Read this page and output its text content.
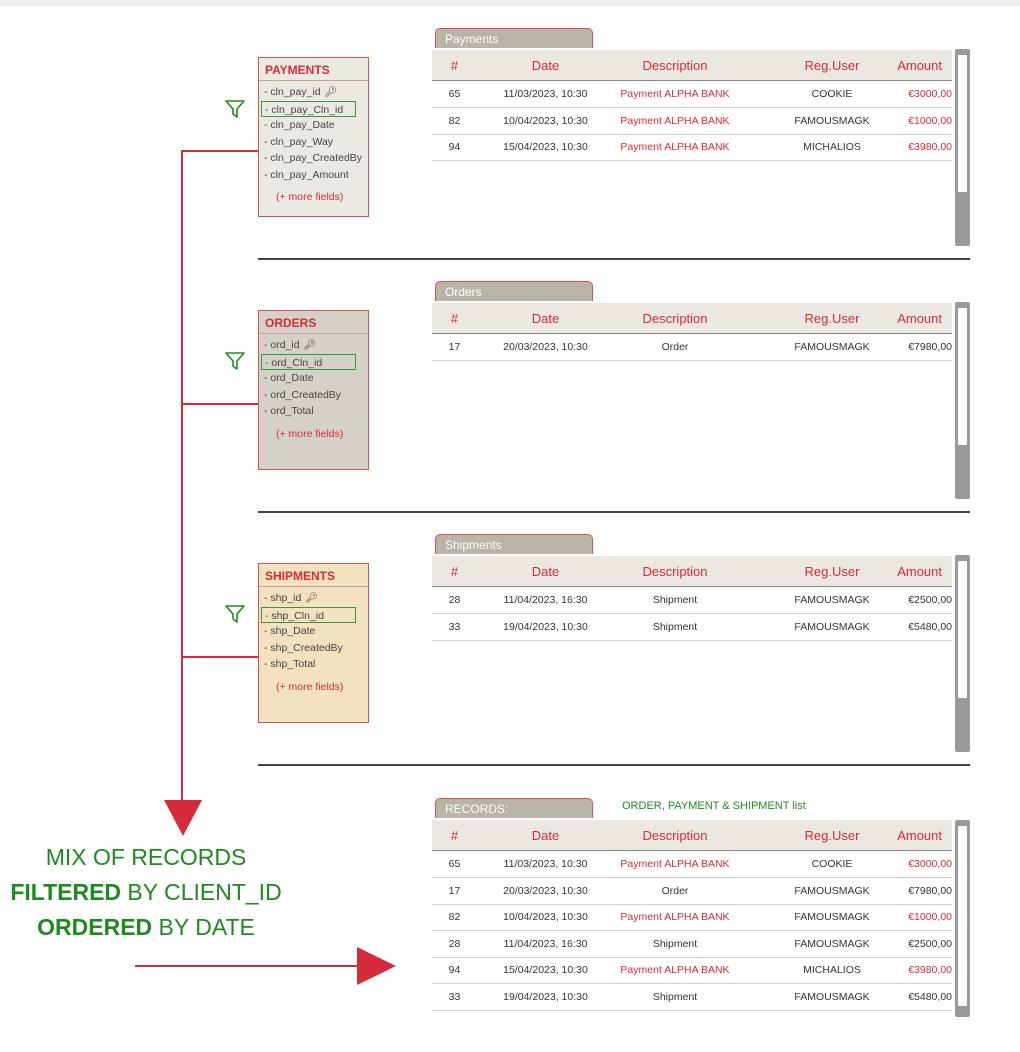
PAYMENTS
- cln_pay_id 🔑︎
- cln_pay_Cln_id
- cln_pay_Date
- cln_pay_Way
- cln_pay_CreatedBy
- cln_pay_Amount
(+ more fields)
ORDERS
- ord_id 🔑︎
- ord_Cln_id
- ord_Date
- ord_CreatedBy
- ord_Total
(+ more fields)
SHIPMENTS
- shp_id 🔑︎
- shp_Cln_id
- shp_Date
- shp_CreatedBy
- shp_Total
(+ more fields)
Payments
#	Date	Description	Reg.User	Amount
65	11/03/2023, 10:30	Payment ALPHA BANK	COOKIE	€3000,00
82	10/04/2023, 10:30	Payment ALPHA BANK	FAMOUSMAGK	€1000,00
94	15/04/2023, 10:30	Payment ALPHA BANK	MICHALIOS	€3980,00
Orders
#	Date	Description	Reg.User	Amount
17	20/03/2023, 10:30	Order	FAMOUSMAGK	€7980,00
Shipments
#	Date	Description	Reg.User	Amount
28	11/04/2023, 16:30	Shipment	FAMOUSMAGK	€2500,00
33	19/04/2023, 10:30	Shipment	FAMOUSMAGK	€5480,00
RECORDS:
#	Date	Description	Reg.User	Amount
65	11/03/2023, 10:30	Payment ALPHA BANK	COOKIE	€3000,00
17	20/03/2023, 10:30	Order	FAMOUSMAGK	€7980,00
82	10/04/2023, 10:30	Payment ALPHA BANK	FAMOUSMAGK	€1000,00
28	11/04/2023, 16:30	Shipment	FAMOUSMAGK	€2500,00
94	15/04/2023, 10:30	Payment ALPHA BANK	MICHALIOS	€3980,00
33	19/04/2023, 10:30	Shipment	FAMOUSMAGK	€5480,00
ORDER, PAYMENT & SHIPMENT list
MIX OF RECORDS
FILTERED BY CLIENT_ID
ORDERED BY DATE
